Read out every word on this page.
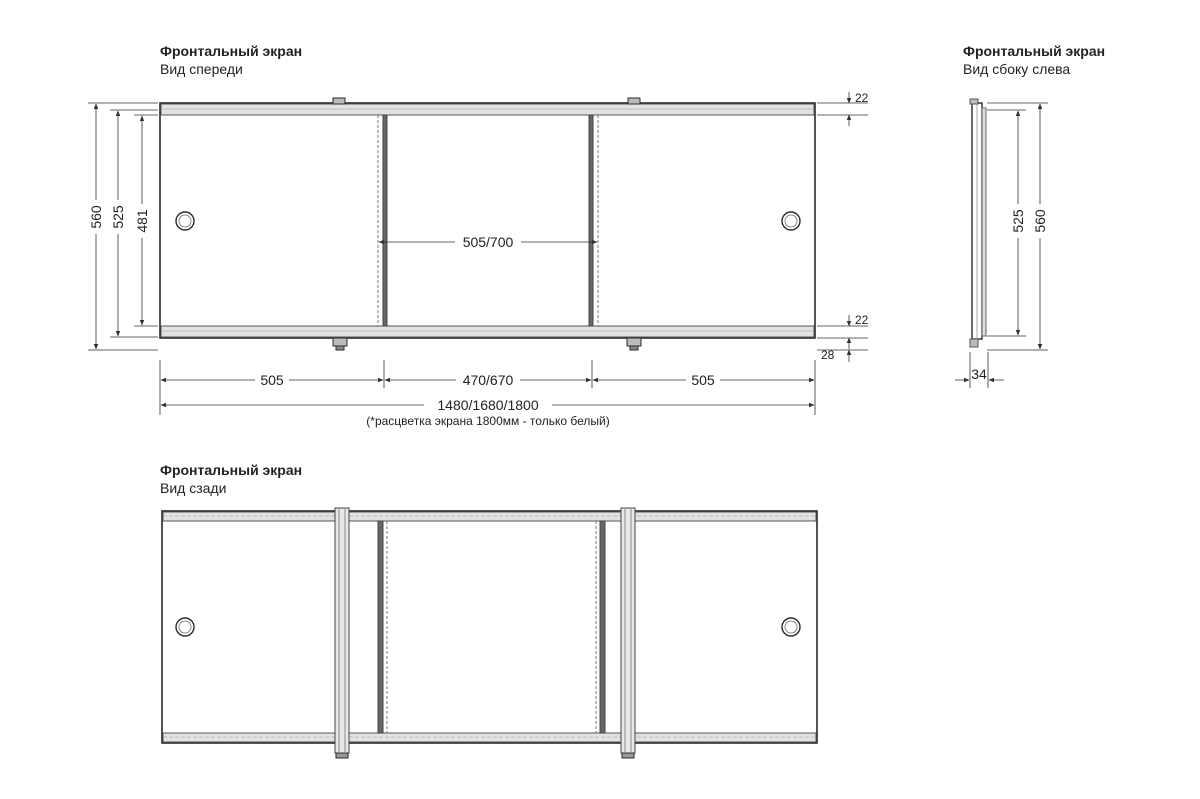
Фронтальный экран
Вид спереди
Фронтальный экран
Вид сбоку слева
Фронтальный экран
Вид сзади
560 525 481
505/700
505	470/670	505
1480/1680/1800
(*расцветка экрана 1800мм - только белый)
22
22
28
525 560
34
